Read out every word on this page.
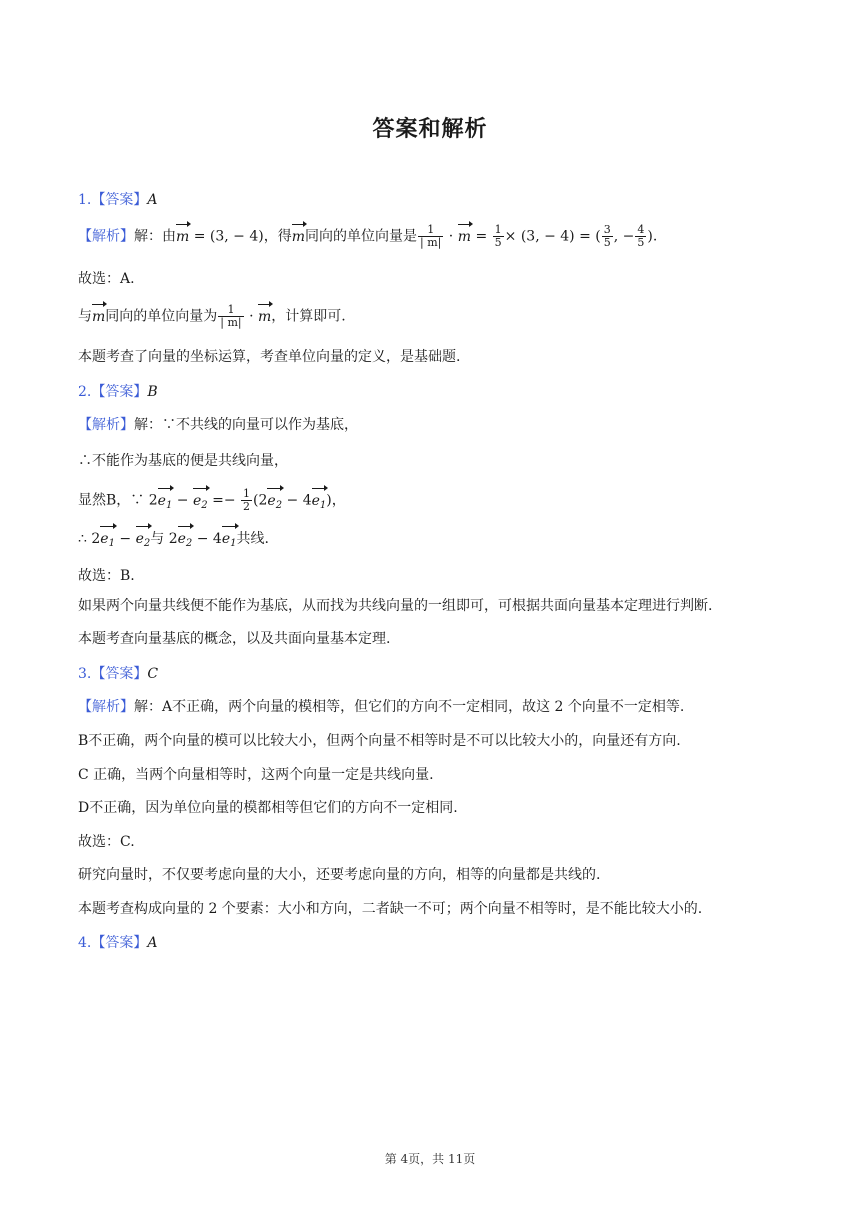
答案和解析
1.【答案】A
【解析】解：由m = (3, − 4)，得m同向的单位向量是 $\frac{1}{| m|} \cdot m = \frac{1}{5} \times (3$, − 4) = ( $\frac{3}{5}$ , − $\frac{4}{5}$ ).
故选：A.
与m同向的单位向量为 $\frac{1}{| m|} \cdot m$，计算即可.
本题考查了向量的坐标运算，考查单位向量的定义，是基础题.
2.【答案】B
【解析】解：∵不共线的向量可以作为基底，
∴不能作为基底的便是共线向量，
显然B，∵ $2e_1 - e_2 =- \frac{1}{2} (2e_2 - 4e_1)$，
∴ $2e_1 - e_2$与 $2e_2 - 4e_1$共线.
故选：B.
如果两个向量共线便不能作为基底，从而找为共线向量的一组即可，可根据共面向量基本定理进行判断.
本题考查向量基底的概念，以及共面向量基本定理.
3.【答案】C
【解析】解：A不正确，两个向量的模相等，但它们的方向不一定相同，故这 2 个向量不一定相等.
B不正确，两个向量的模可以比较大小，但两个向量不相等时是不可以比较大小的，向量还有方向.
C 正确，当两个向量相等时，这两个向量一定是共线向量.
D不正确，因为单位向量的模都相等但它们的方向不一定相同.
故选：C.
研究向量时，不仅要考虑向量的大小，还要考虑向量的方向，相等的向量都是共线的.
本题考查构成向量的 2 个要素：大小和方向，二者缺一不可；两个向量不相等时，是不能比较大小的.
4.【答案】A
第 4页，共 11页
